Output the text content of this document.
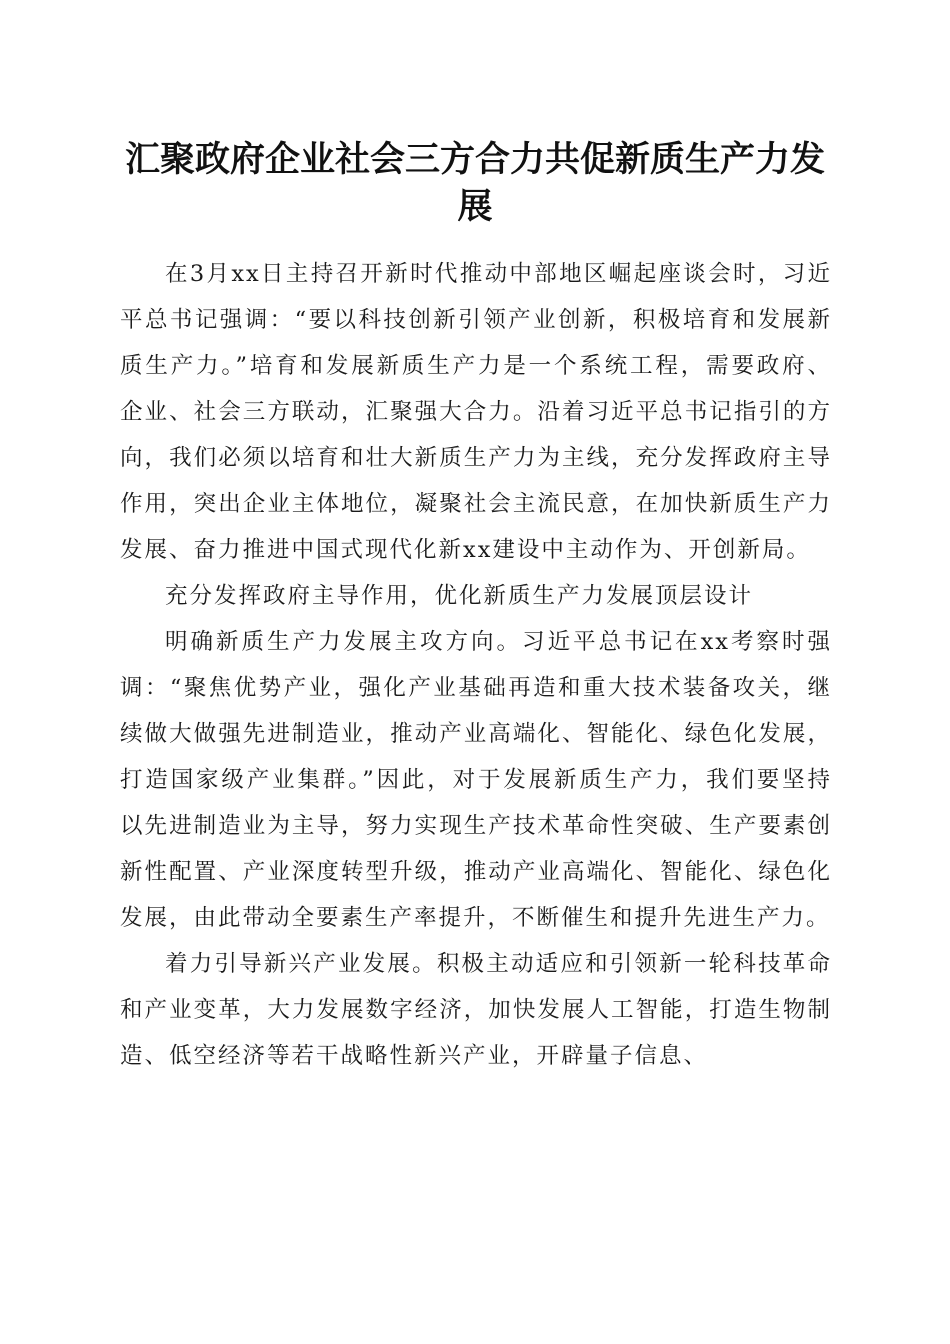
汇聚政府企业社会三方合力共促新质生产力发展

在3月xx日主持召开新时代推动中部地区崛起座谈会时，习近平总书记强调：“要以科技创新引领产业创新，积极培育和发展新质生产力。”培育和发展新质生产力是一个系统工程，需要政府、企业、社会三方联动，汇聚强大合力。沿着习近平总书记指引的方向，我们必须以培育和壮大新质生产力为主线，充分发挥政府主导作用，突出企业主体地位，凝聚社会主流民意，在加快新质生产力发展、奋力推进中国式现代化新xx建设中主动作为、开创新局。

充分发挥政府主导作用，优化新质生产力发展顶层设计

明确新质生产力发展主攻方向。习近平总书记在xx考察时强调：“聚焦优势产业，强化产业基础再造和重大技术装备攻关，继续做大做强先进制造业，推动产业高端化、智能化、绿色化发展，打造国家级产业集群。”因此，对于发展新质生产力，我们要坚持以先进制造业为主导，努力实现生产技术革命性突破、生产要素创新性配置、产业深度转型升级，推动产业高端化、智能化、绿色化发展，由此带动全要素生产率提升，不断催生和提升先进生产力。

着力引导新兴产业发展。积极主动适应和引领新一轮科技革命和产业变革，大力发展数字经济，加快发展人工智能，打造生物制造、低空经济等若干战略性新兴产业，开辟量子信息、
